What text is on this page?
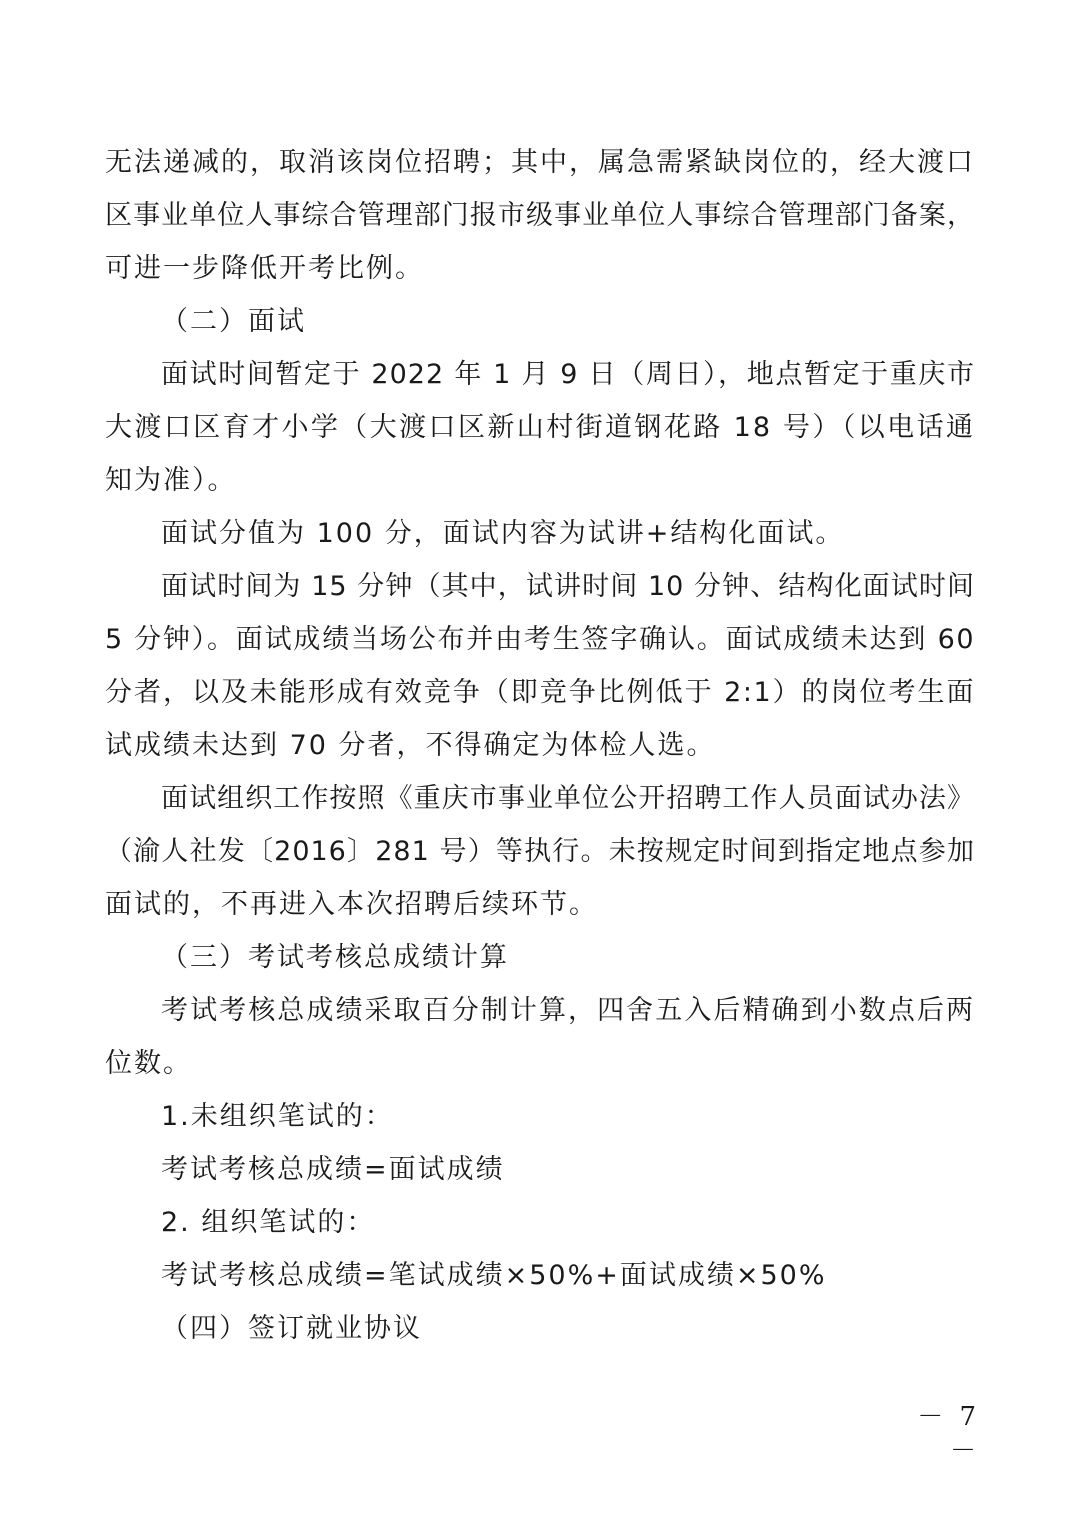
无法递减的，取消该岗位招聘；其中，属急需紧缺岗位的，经大渡口

区事业单位人事综合管理部门报市级事业单位人事综合管理部门备案，

可进一步降低开考比例。

（二）面试

面试时间暂定于 2022 年 1 月 9 日（周日），地点暂定于重庆市

大渡口区育才小学（大渡口区新山村街道钢花路 18 号）（以电话通

知为准）。

面试分值为 100 分，面试内容为试讲+结构化面试。

面试时间为 15 分钟（其中，试讲时间 10 分钟、结构化面试时间

5 分钟）。面试成绩当场公布并由考生签字确认。面试成绩未达到 60

分者，以及未能形成有效竞争（即竞争比例低于 2:1）的岗位考生面

试成绩未达到 70 分者，不得确定为体检人选。

面试组织工作按照《重庆市事业单位公开招聘工作人员面试办法》

（渝人社发〔2016〕281 号）等执行。未按规定时间到指定地点参加

面试的，不再进入本次招聘后续环节。

（三）考试考核总成绩计算

考试考核总成绩采取百分制计算，四舍五入后精确到小数点后两

位数。

1.未组织笔试的：

考试考核总成绩=面试成绩

2. 组织笔试的：

考试考核总成绩=笔试成绩×50%+面试成绩×50%

（四）签订就业协议

－ 7 －
